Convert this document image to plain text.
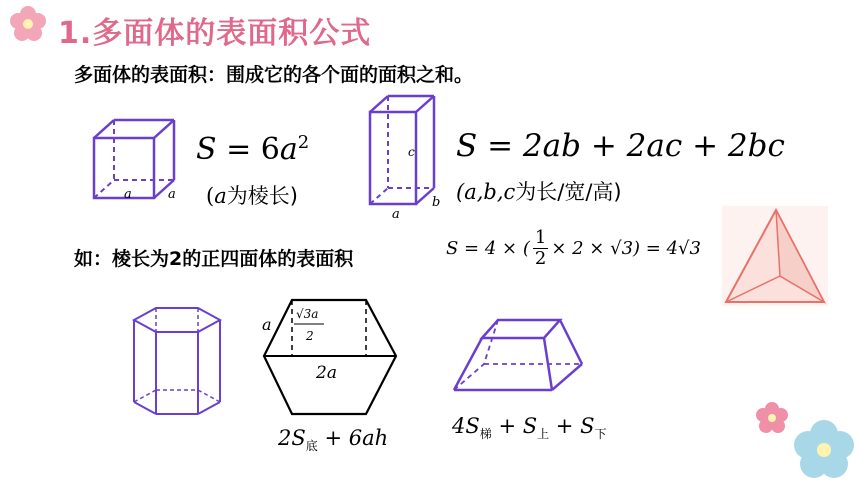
1.多面体的表面积公式
多面体的表面积：围成它的各个面的面积之和。
a	a
$S = 6a^2$
(a为棱长)
c
a
b
S = 2ab + 2ac + 2bc
(a,b,c为长/宽/高)
如：棱长为2的正四面体的表面积	S = 4 × ( $\frac{1}{2} \times 2 \times √3) = 4√3$
a
√3a
2
2a
$2S_底 + 6ah$	$4S_梯 + S_上 + S_下$
